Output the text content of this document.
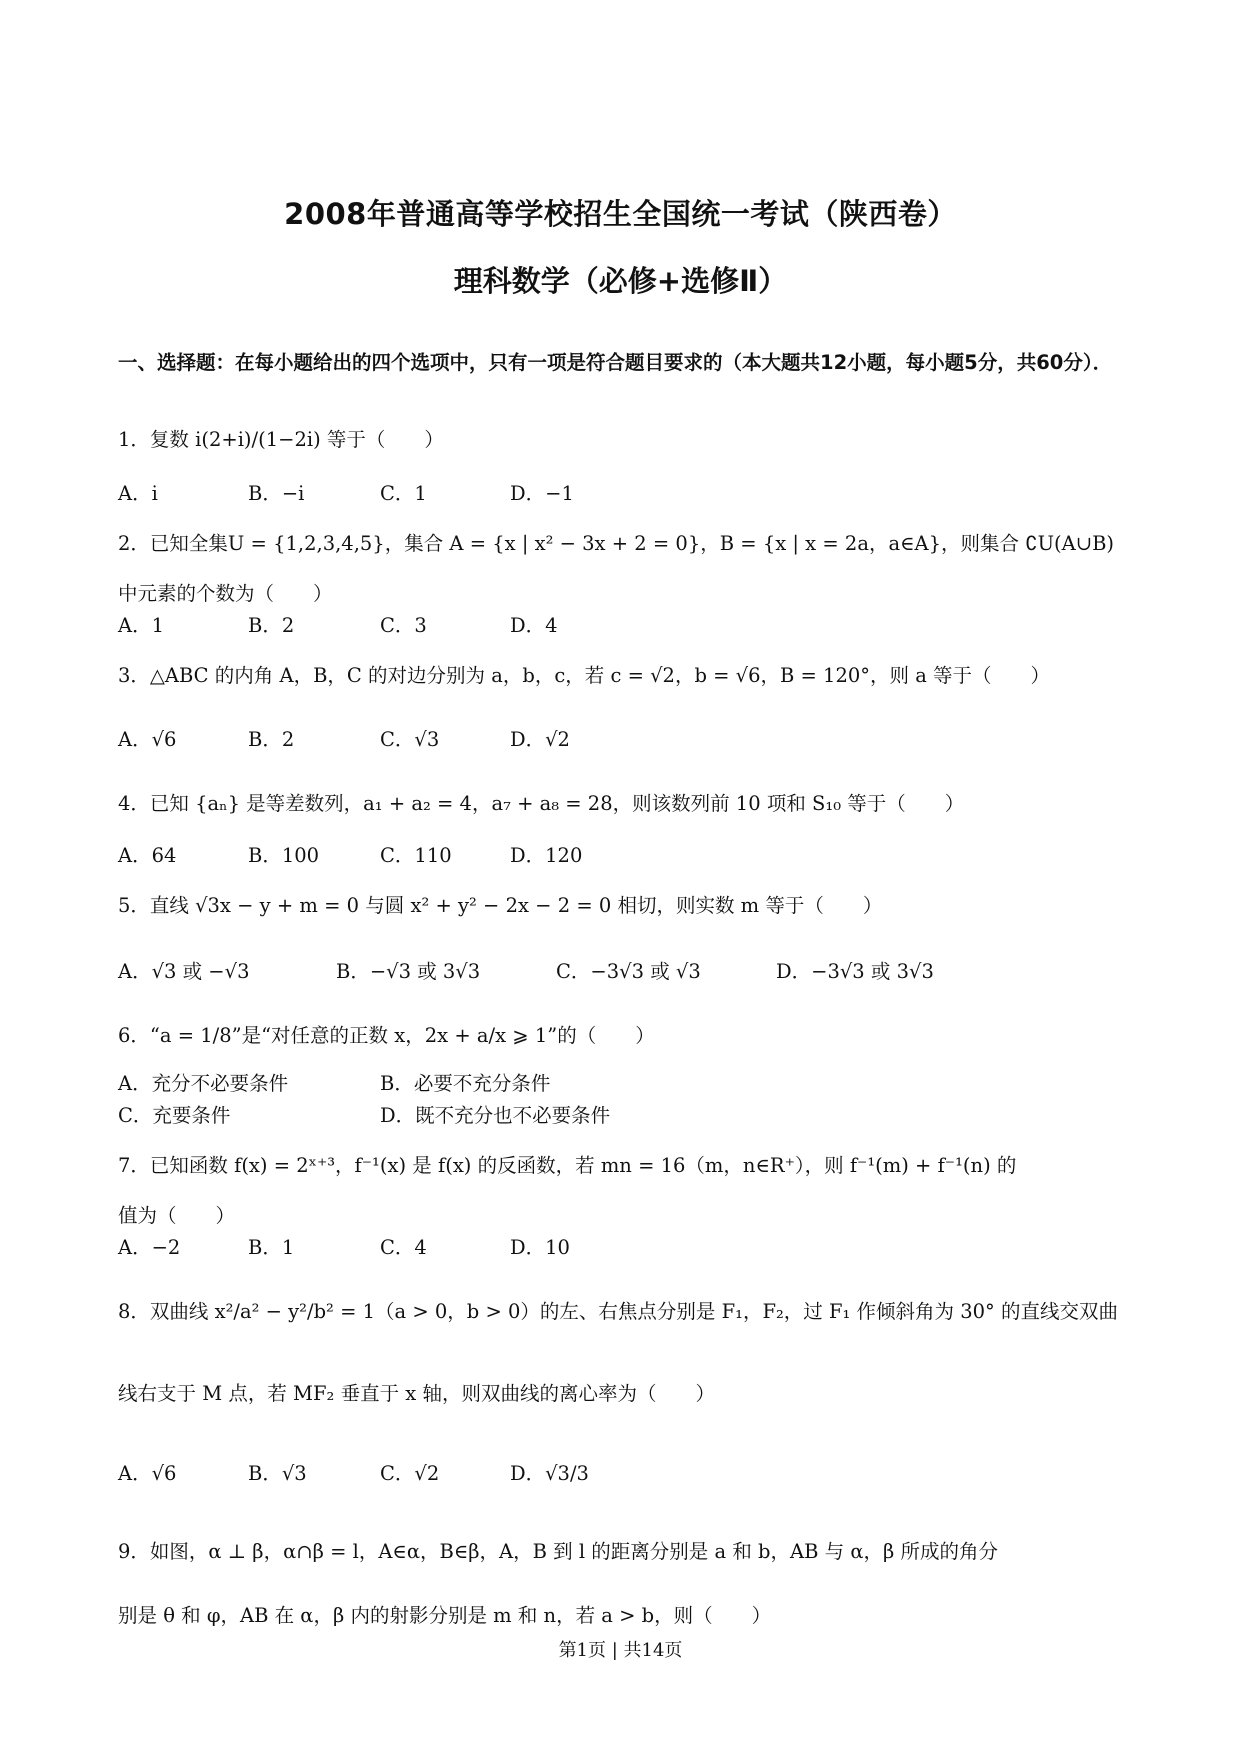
2008年普通高等学校招生全国统一考试（陕西卷）
理科数学（必修+选修Ⅱ）
一、选择题：在每小题给出的四个选项中，只有一项是符合题目要求的（本大题共12小题，每小题5分，共60分）．
1．复数 i(2+i)/(1−2i) 等于（　　）
A．i	B．−i	C．1	D．−1
2．已知全集U = {1,2,3,4,5}，集合 A = {x | x² − 3x + 2 = 0}，B = {x | x = 2a，a∈A}，则集合 ∁U(A∪B)
中元素的个数为（　　）
A．1	B．2	C．3	D．4
3．△ABC 的内角 A，B，C 的对边分别为 a，b，c，若 c = √2，b = √6，B = 120°，则 a 等于（　　）
A．√6	B．2	C．√3	D．√2
4．已知 {aₙ} 是等差数列，a₁ + a₂ = 4，a₇ + a₈ = 28，则该数列前 10 项和 S₁₀ 等于（　　）
A．64	B．100	C．110	D．120
5．直线 √3x − y + m = 0 与圆 x² + y² − 2x − 2 = 0 相切，则实数 m 等于（　　）
A．√3 或 −√3	B．−√3 或 3√3	C．−3√3 或 √3	D．−3√3 或 3√3
6．“a = 1/8”是“对任意的正数 x，2x + a/x ⩾ 1”的（　　）
A．充分不必要条件	B．必要不充分条件
C．充要条件	D．既不充分也不必要条件
7．已知函数 f(x) = 2ˣ⁺³，f⁻¹(x) 是 f(x) 的反函数，若 mn = 16（m，n∈R⁺），则 f⁻¹(m) + f⁻¹(n) 的
值为（　　）
A．−2	B．1	C．4	D．10
8．双曲线 x²/a² − y²/b² = 1（a > 0，b > 0）的左、右焦点分别是 F₁，F₂，过 F₁ 作倾斜角为 30° 的直线交双曲
线右支于 M 点，若 MF₂ 垂直于 x 轴，则双曲线的离心率为（　　）
A．√6	B．√3	C．√2	D．√3/3
9．如图，α ⊥ β，α∩β = l，A∈α，B∈β，A，B 到 l 的距离分别是 a 和 b，AB 与 α，β 所成的角分
别是 θ 和 φ，AB 在 α，β 内的射影分别是 m 和 n，若 a > b，则（　　）
第1页 | 共14页
